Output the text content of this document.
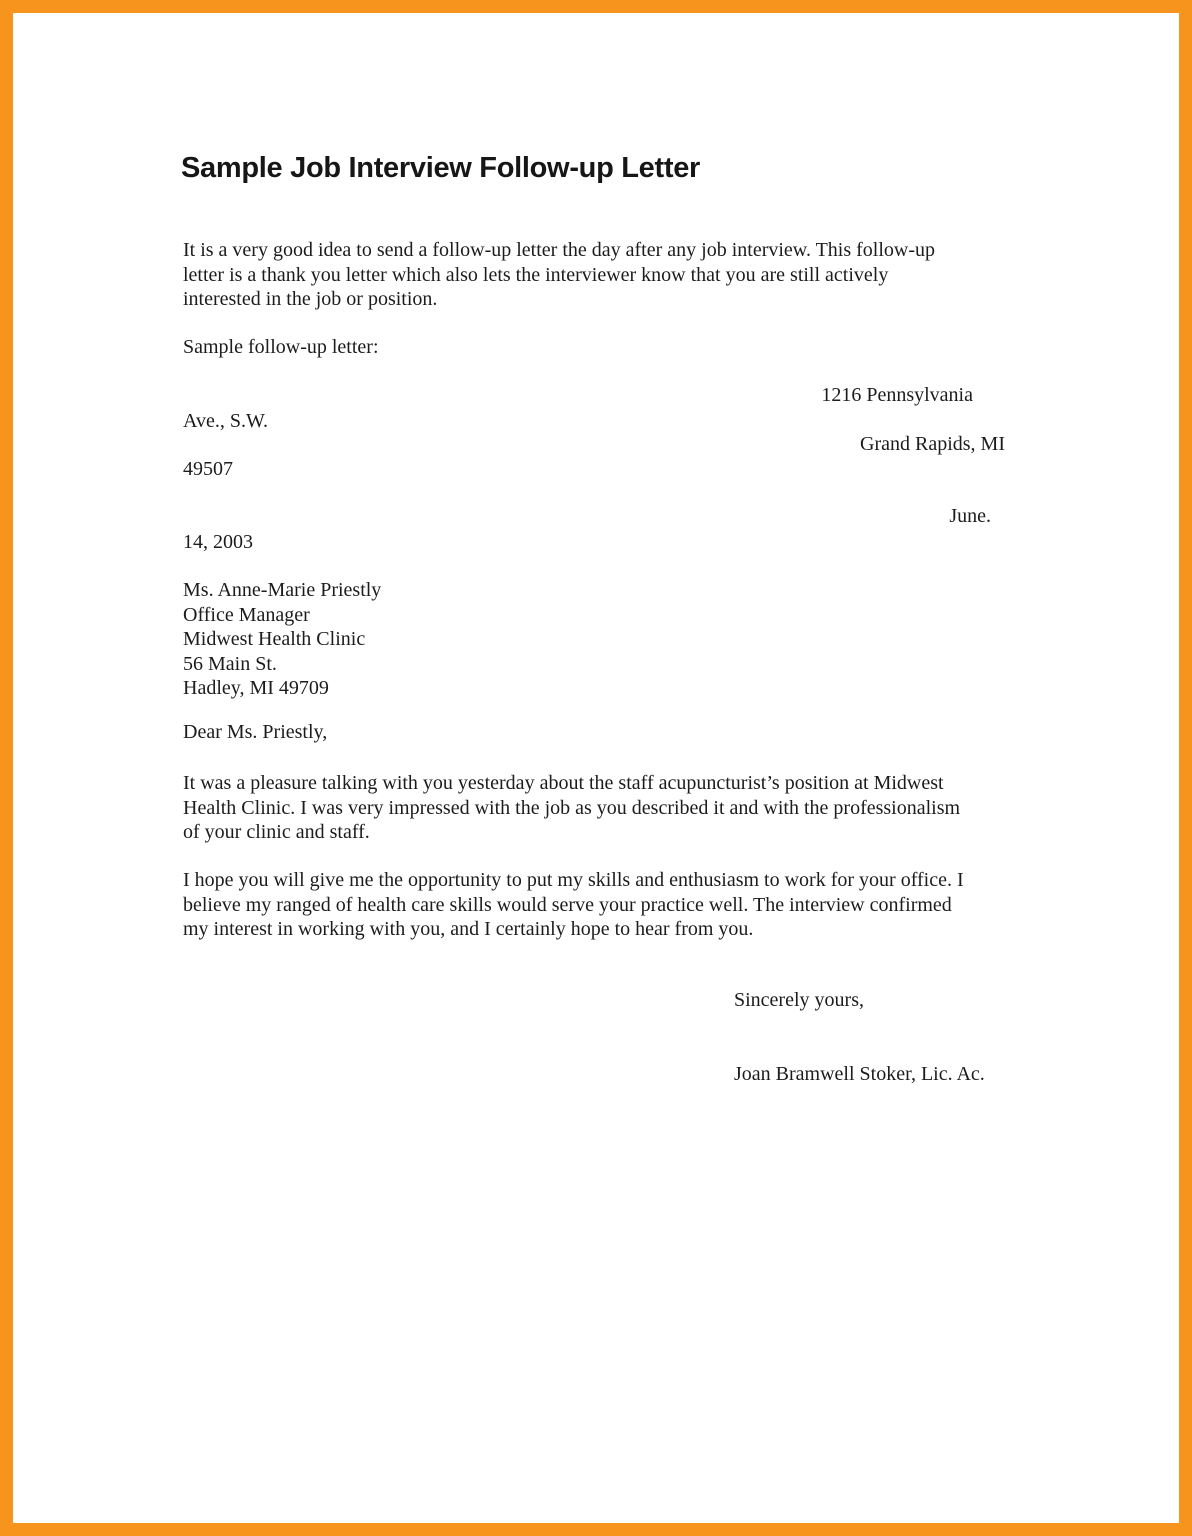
Sample Job Interview Follow-up Letter
It is a very good idea to send a follow-up letter the day after any job interview. This follow-up
letter is a thank you letter which also lets the interviewer know that you are still actively
interested in the job or position.
Sample follow-up letter:
1216 Pennsylvania
Ave., S.W.
Grand Rapids, MI
49507
June.
14, 2003
Ms. Anne-Marie Priestly
Office Manager
Midwest Health Clinic
56 Main St.
Hadley, MI 49709
Dear Ms. Priestly,
It was a pleasure talking with you yesterday about the staff acupuncturist’s position at Midwest
Health Clinic. I was very impressed with the job as you described it and with the professionalism
of your clinic and staff.
I hope you will give me the opportunity to put my skills and enthusiasm to work for your office. I
believe my ranged of health care skills would serve your practice well. The interview confirmed
my interest in working with you, and I certainly hope to hear from you.
Sincerely yours,
Joan Bramwell Stoker, Lic. Ac.
